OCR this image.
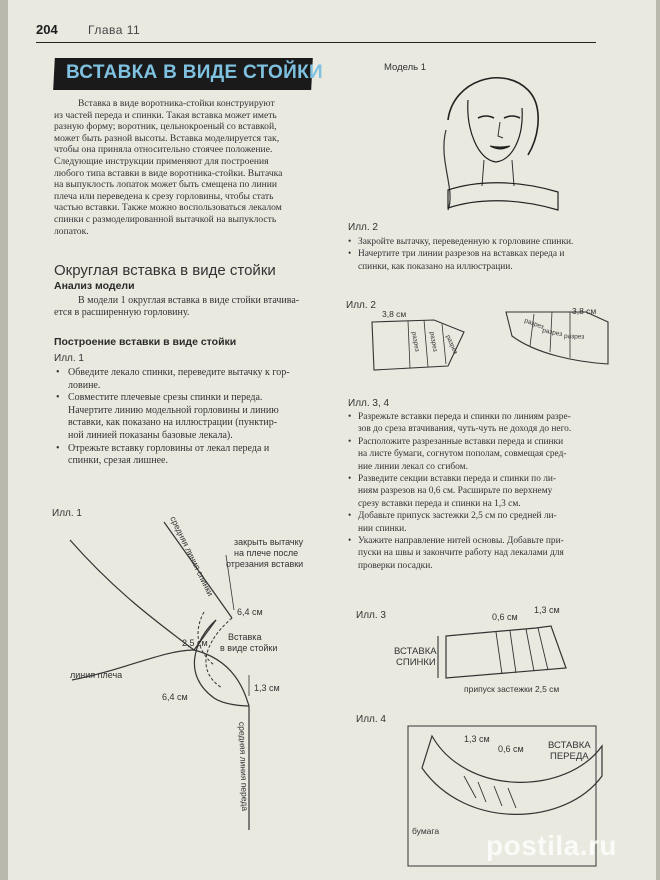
204	Глава 11
ВСТАВКА В ВИДЕ СТОЙКИ
Вставка в виде воротника-стойки конструируют
из частей переда и спинки. Такая вставка может иметь
разную форму; воротник, цельнокроеный со вставкой,
может быть разной высоты. Вставка моделируется так,
чтобы она приняла относительно стоячее положение.
Следующие инструкции применяют для построения
любого типа вставки в виде воротника-стойки. Вытачка
на выпуклость лопаток может быть смещена по линии
плеча или переведена к срезу горловины, чтобы стать
частью вставки. Также можно воспользоваться лекалом
спинки с размоделированной вытачкой на выпуклость
лопаток.
Округлая вставка в виде стойки
Анализ модели
В модели 1 округлая вставка в виде стойки втачива-
ется в расширенную горловину.
Построение вставки в виде стойки
Илл. 1
• Обведите лекало спинки, переведите вытачку к гор-
ловине.
• Совместите плечевые срезы спинки и переда.
Начертите линию модельной горловины и линию
вставки, как показано на иллюстрации (пунктир-
ной линией показаны базовые лекала).
• Отрежьте вставку горловины от лекал переда и
спинки, срезая лишнее.
Илл. 1
средняя линия спинки	закрыть вытачку на плече после отрезания вставки
6,4 см
2,5 см
Вставка в виде стойки
линия плеча
1,3 см
6,4 см
средняя линия переда
Модель 1
Илл. 2
• Закройте вытачку, переведенную к горловине спинки.
• Начертите три линии разрезов на вставках переда и
спинки, как показано на иллюстрации.
Илл. 2
3,8 см
разрез разрез разрез
3,8 см
разрез
разрез разрез
Илл. 3, 4
• Разрежьте вставки переда и спинки по линиям разре-
зов до среза втачивания, чуть-чуть не доходя до него.
• Расположите разрезанные вставки переда и спинки
на листе бумаги, согнутом пополам, совмещая сред-
ние линии лекал со сгибом.
• Разведите секции вставки переда и спинки по ли-
ниям разрезов на 0,6 см. Расширьте по верхнему
срезу вставки переда и спинки на 1,3 см.
• Добавьте припуск застежки 2,5 см по средней ли-
нии спинки.
• Укажите направление нитей основы. Добавьте при-
пуски на швы и закончите работу над лекалами для
проверки посадки.
Илл. 3	0,6 см
1,3 см
ВСТАВКА СПИНКИ
припуск застежки 2,5 см
Илл. 4
1,3 см
0,6 см	ВСТАВКА ПЕРЕДА
бумага postila.ru
